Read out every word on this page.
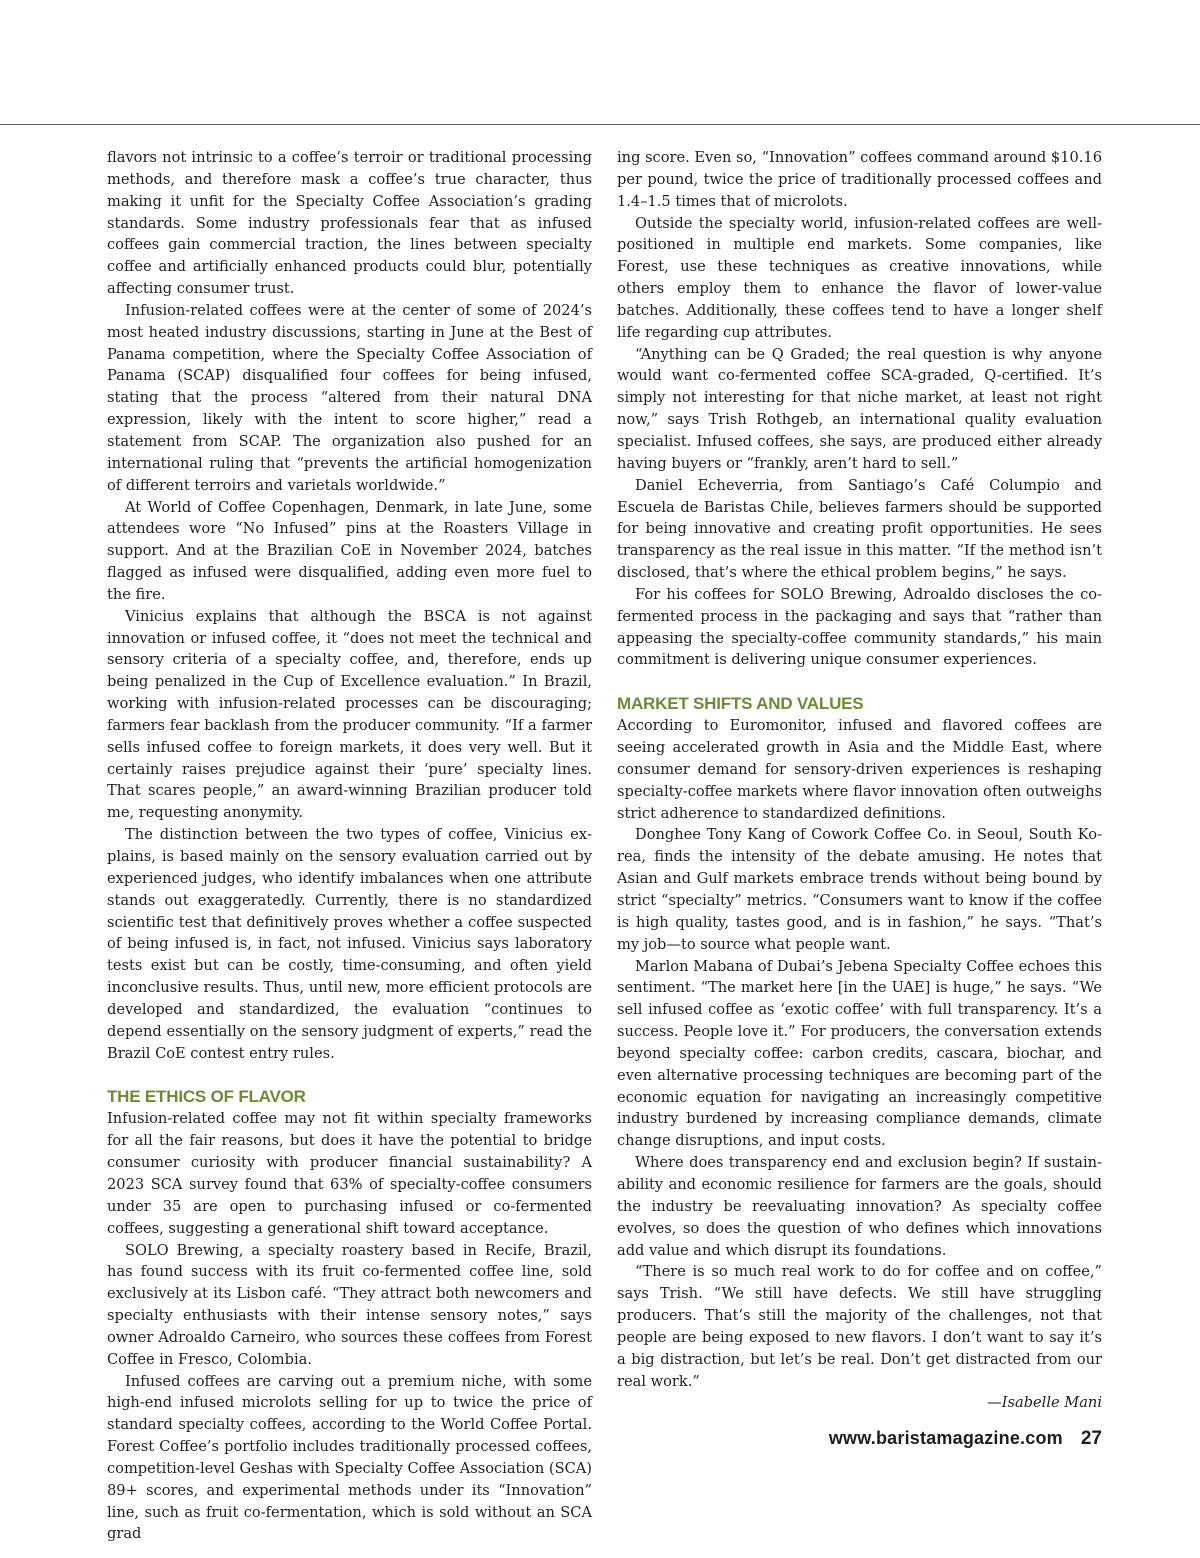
flavors not intrinsic to a coffee’s terroir or traditional processing methods, and therefore mask a coffee’s true character, thus making it unfit for the Specialty Coffee Association’s grading standards. Some industry professionals fear that as infused coffees gain commercial traction, the lines between specialty coffee and artificially enhanced products could blur, potentially affecting consumer trust.

Infusion-related coffees were at the center of some of 2024’s most heated industry discussions, starting in June at the Best of Panama competition, where the Specialty Coffee Association of Panama (SCAP) disqualified four coffees for being infused, stating that the process “altered from their natural DNA expression, likely with the intent to score higher,” read a statement from SCAP. The organization also pushed for an international ruling that “prevents the artificial homogenization of different terroirs and varietals worldwide.”

At World of Coffee Copenhagen, Denmark, in late June, some attendees wore “No Infused” pins at the Roasters Village in support. And at the Brazilian CoE in November 2024, batches flagged as infused were disqualified, adding even more fuel to the fire.

Vinicius explains that although the BSCA is not against innovation or infused coffee, it “does not meet the technical and sensory criteria of a specialty coffee, and, therefore, ends up being penalized in the Cup of Excellence evaluation.” In Brazil, working with infusion-related processes can be discouraging; farmers fear backlash from the producer community. “If a farmer sells infused coffee to foreign markets, it does very well. But it certainly raises prejudice against their ‘pure’ specialty lines. That scares people,” an award-winning Brazilian producer told me, requesting anonymity.

The distinction between the two types of coffee, Vinicius explains, is based mainly on the sensory evaluation carried out by experienced judges, who identify imbalances when one attribute stands out exaggeratedly. Currently, there is no standardized scientific test that definitively proves whether a coffee suspected of being infused is, in fact, not infused. Vinicius says laboratory tests exist but can be costly, time-consuming, and often yield inconclusive results. Thus, until new, more efficient protocols are developed and standardized, the evaluation “continues to depend essentially on the sensory judgment of experts,” read the Brazil CoE contest entry rules.

THE ETHICS OF FLAVOR

Infusion-related coffee may not fit within specialty frameworks for all the fair reasons, but does it have the potential to bridge consumer curiosity with producer financial sustainability? A 2023 SCA survey found that 63% of specialty-coffee consumers under 35 are open to purchasing infused or co-fermented coffees, suggesting a generational shift toward acceptance.

SOLO Brewing, a specialty roastery based in Recife, Brazil, has found success with its fruit co-fermented coffee line, sold exclusively at its Lisbon café. “They attract both newcomers and specialty enthusiasts with their intense sensory notes,” says owner Adroaldo Carneiro, who sources these coffees from Forest Coffee in Fresco, Colombia.

Infused coffees are carving out a premium niche, with some high-end infused microlots selling for up to twice the price of standard specialty coffees, according to the World Coffee Portal. Forest Coffee’s portfolio includes traditionally processed coffees, competition-level Geshas with Specialty Coffee Association (SCA) 89+ scores, and experimental methods under its “Innovation” line, such as fruit co-fermentation, which is sold without an SCA grad

ing score. Even so, “Innovation” coffees command around $10.16 per pound, twice the price of traditionally processed coffees and 1.4–1.5 times that of microlots.

Outside the specialty world, infusion-related coffees are well-positioned in multiple end markets. Some companies, like Forest, use these techniques as creative innovations, while others employ them to enhance the flavor of lower-value batches. Additionally, these coffees tend to have a longer shelf life regarding cup attributes.

“Anything can be Q Graded; the real question is why anyone would want co-fermented coffee SCA-graded, Q-certified. It’s simply not interesting for that niche market, at least not right now,” says Trish Rothgeb, an international quality evaluation specialist. Infused coffees, she says, are produced either already having buyers or “frankly, aren’t hard to sell.”

Daniel Echeverria, from Santiago’s Café Columpio and Escuela de Baristas Chile, believes farmers should be supported for being innovative and creating profit opportunities. He sees transparency as the real issue in this matter. “If the method isn’t disclosed, that’s where the ethical problem begins,” he says.

For his coffees for SOLO Brewing, Adroaldo discloses the co-fermented process in the packaging and says that “rather than appeasing the specialty-coffee community standards,” his main commitment is delivering unique consumer experiences.

MARKET SHIFTS AND VALUES

According to Euromonitor, infused and flavored coffees are seeing accelerated growth in Asia and the Middle East, where consumer demand for sensory-driven experiences is reshaping specialty-coffee markets where flavor innovation often outweighs strict adherence to standardized definitions.

Donghee Tony Kang of Cowork Coffee Co. in Seoul, South Korea, finds the intensity of the debate amusing. He notes that Asian and Gulf markets embrace trends without being bound by strict “specialty” metrics. “Consumers want to know if the coffee is high quality, tastes good, and is in fashion,” he says. “That’s my job—to source what people want.

Marlon Mabana of Dubai’s Jebena Specialty Coffee echoes this sentiment. “The market here [in the UAE] is huge,” he says. “We sell infused coffee as ‘exotic coffee’ with full transparency. It’s a success. People love it.” For producers, the conversation extends beyond specialty coffee: carbon credits, cascara, biochar, and even alternative processing techniques are becoming part of the economic equation for navigating an increasingly competitive industry burdened by increasing compliance demands, climate change disruptions, and input costs.

Where does transparency end and exclusion begin? If sustainability and economic resilience for farmers are the goals, should the industry be reevaluating innovation? As specialty coffee evolves, so does the question of who defines which innovations add value and which disrupt its foundations.

“There is so much real work to do for coffee and on coffee,” says Trish. “We still have defects. We still have struggling producers. That’s still the majority of the challenges, not that people are being exposed to new flavors. I don’t want to say it’s a big distraction, but let’s be real. Don’t get distracted from our real work.”

—Isabelle Mani

www.baristamagazine.com 27
